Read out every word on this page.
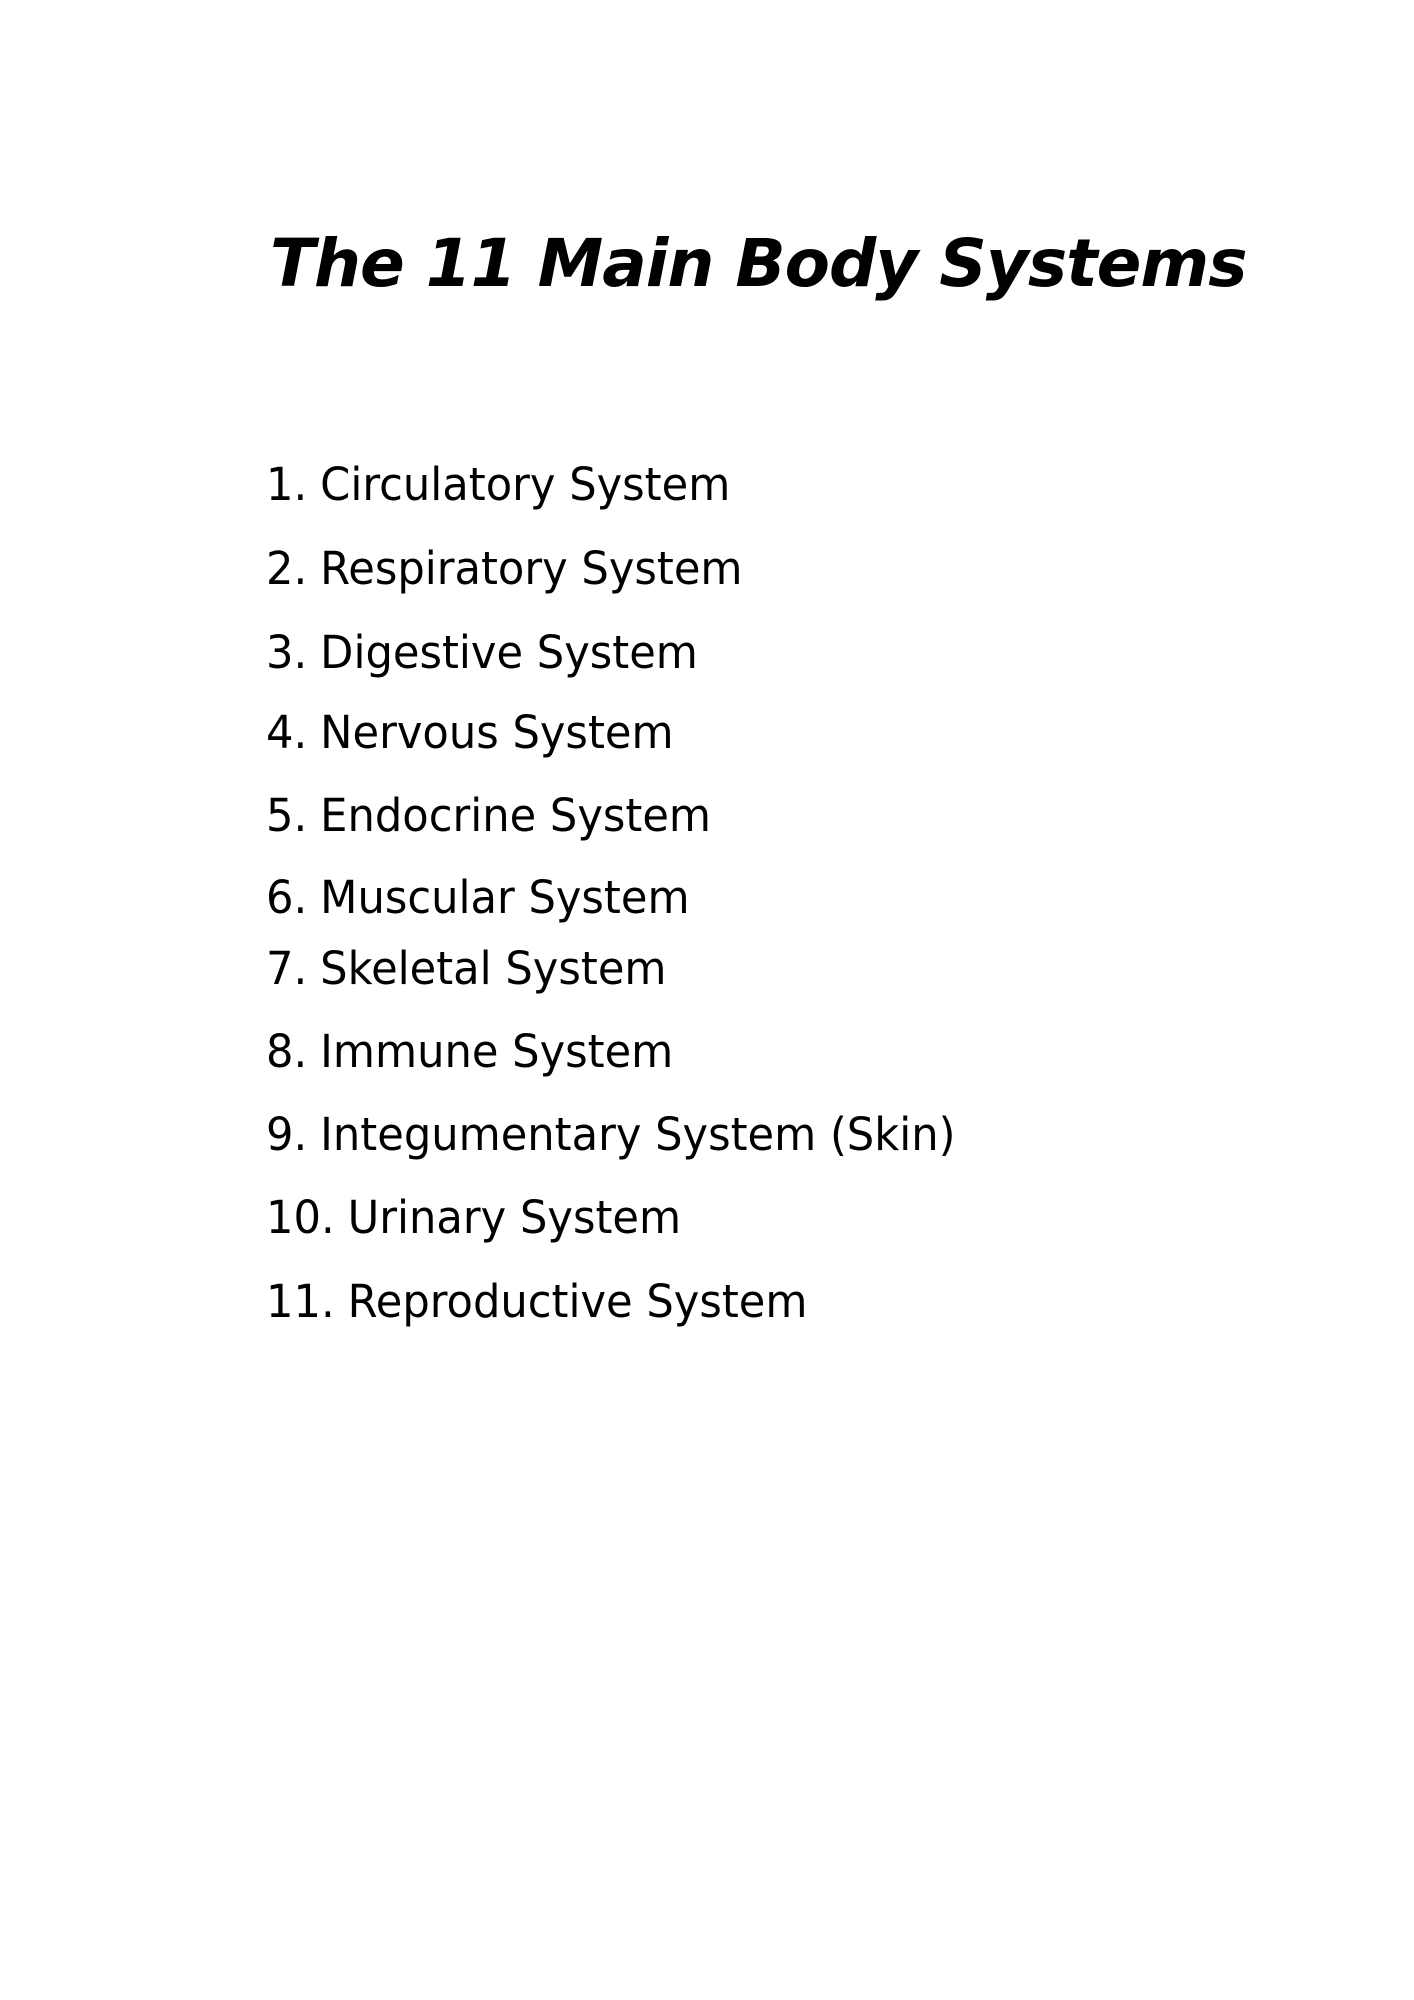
The 11 Main Body Systems

1. Circulatory System

2. Respiratory System

3. Digestive System

4. Nervous System

5. Endocrine System

6. Muscular System

7. Skeletal System

8. Immune System

9. Integumentary System (Skin)

10. Urinary System

11. Reproductive System
